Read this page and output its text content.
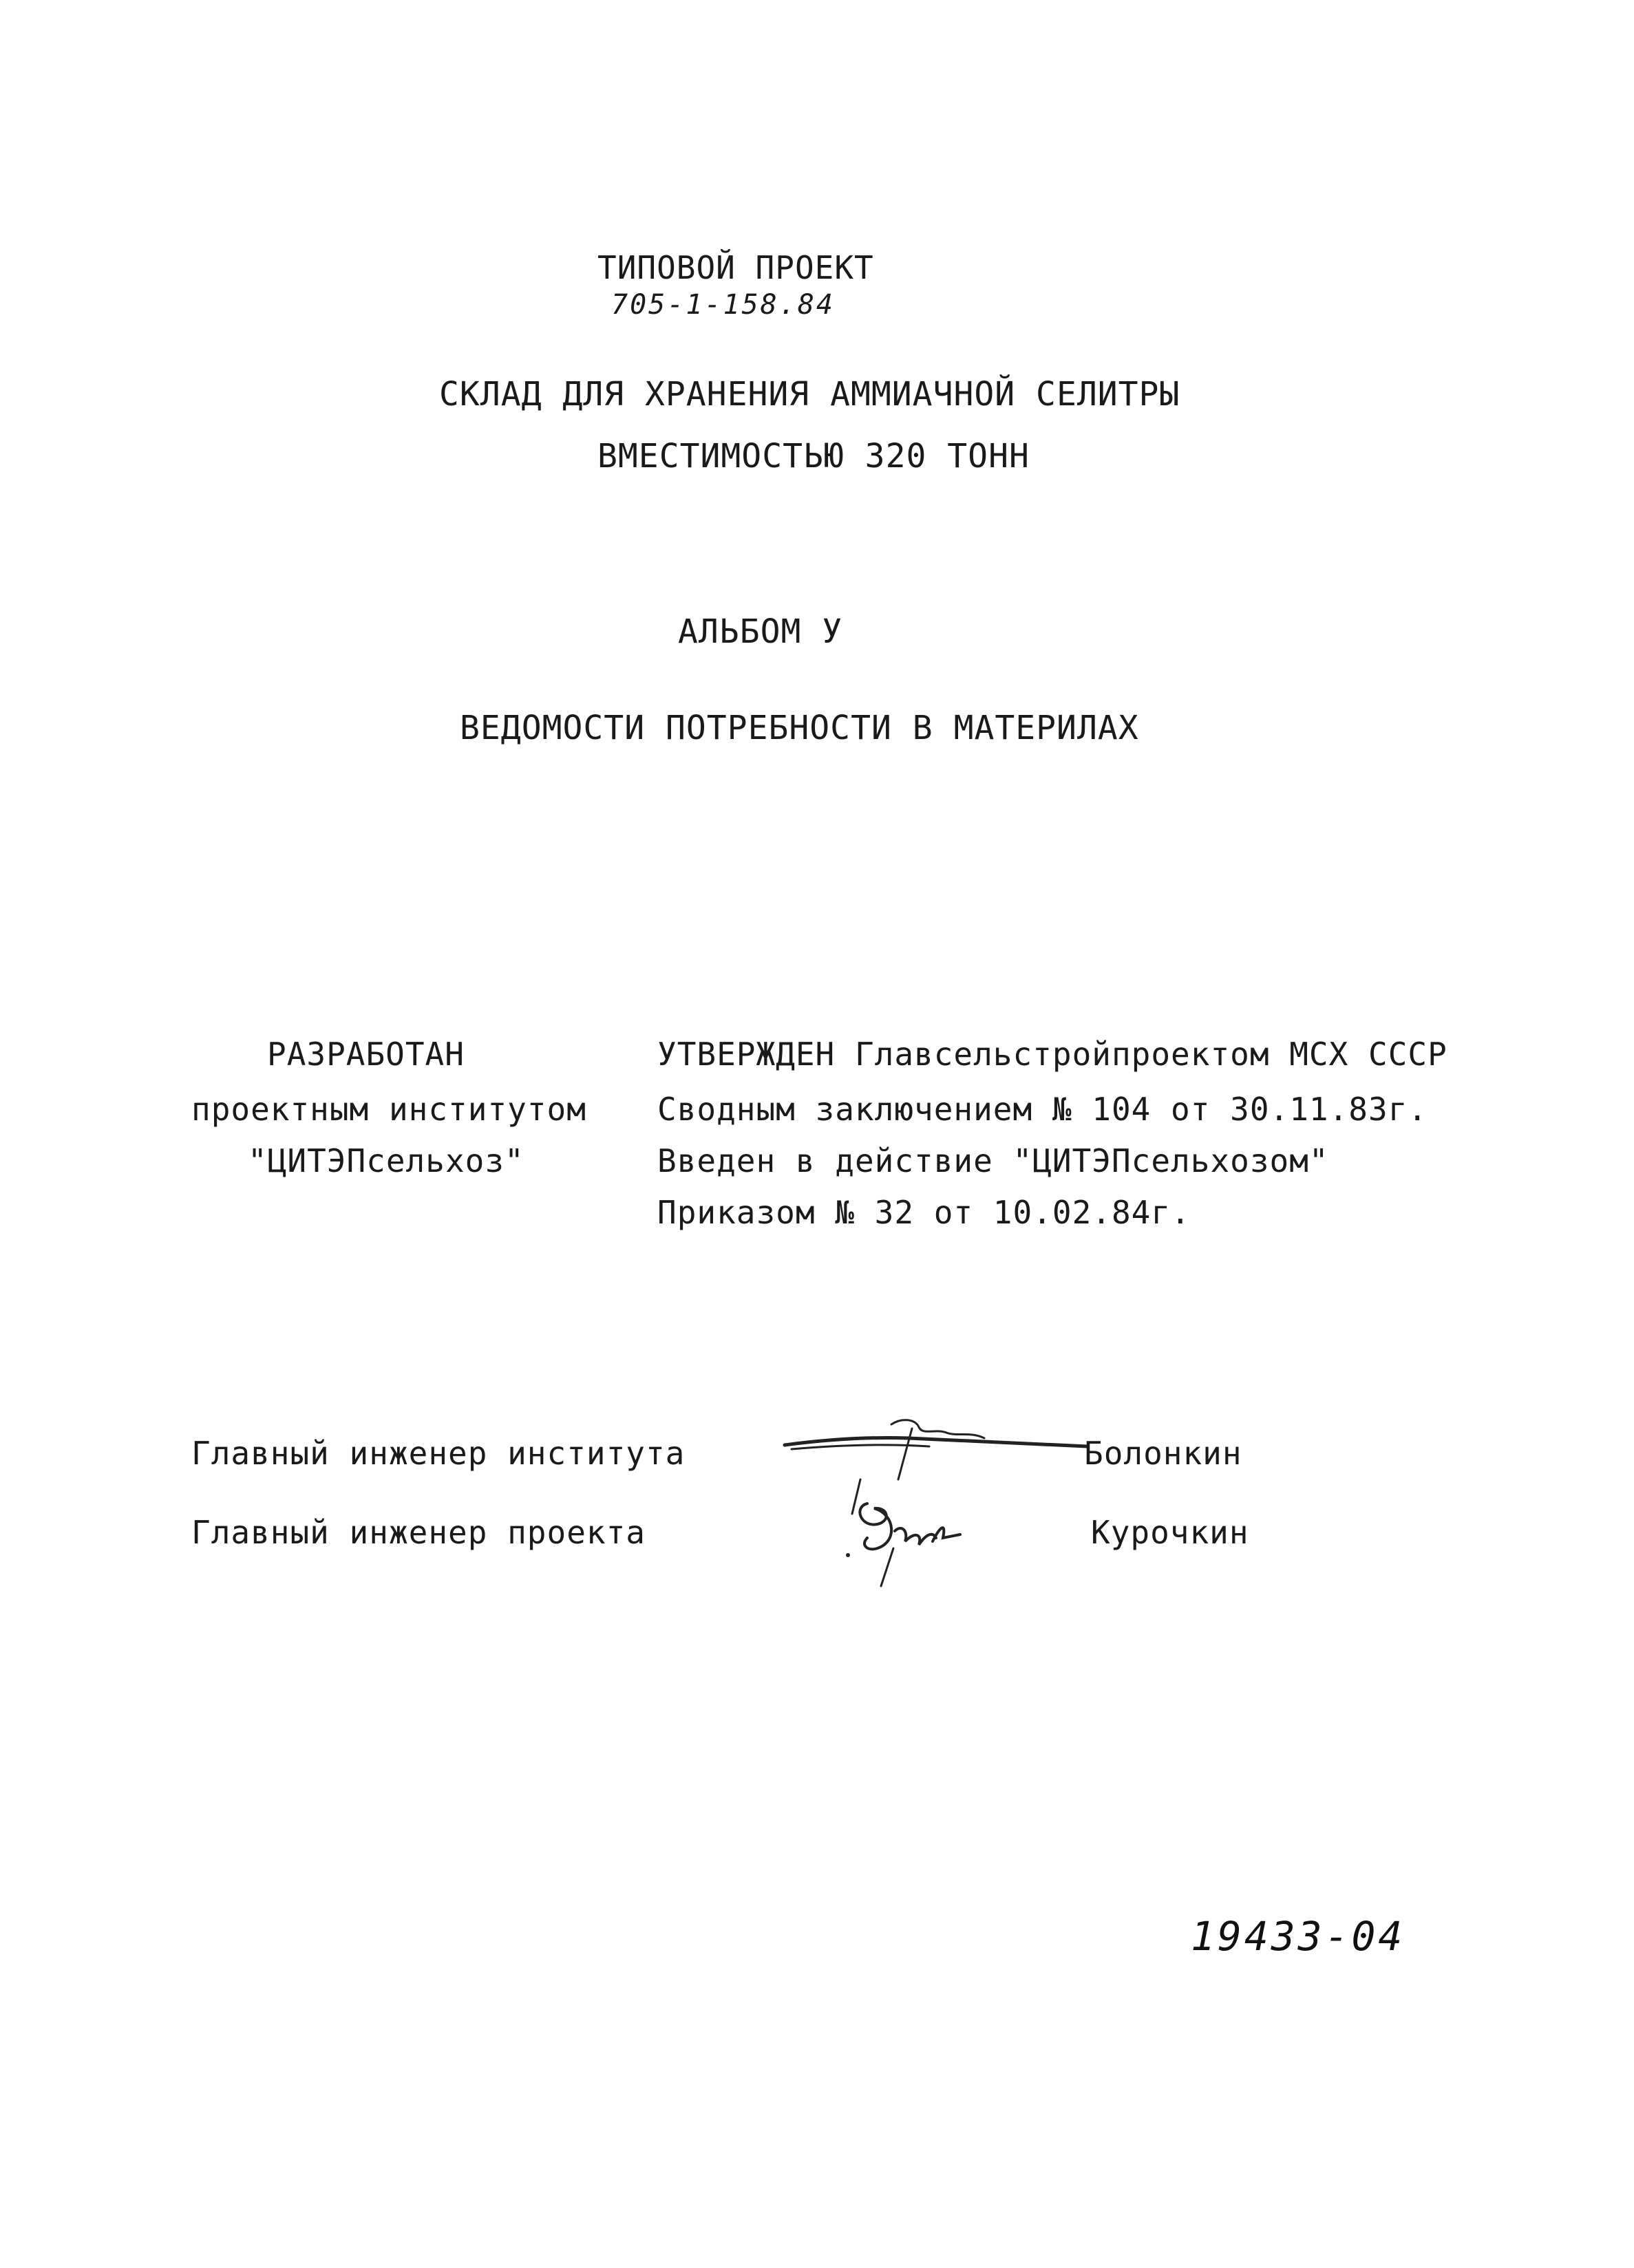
ТИПОВОЙ ПРОЕКТ
705-1-158.84
СКЛАД ДЛЯ ХРАНЕНИЯ АММИАЧНОЙ СЕЛИТРЫ
ВМЕСТИМОСТЬЮ 320 ТОНН
АЛЬБОМ У
ВЕДОМОСТИ ПОТРЕБНОСТИ В МАТЕРИЛАХ
РАЗРАБОТАН
проектным институтом
"ЦИТЭПсельхоз"
УТВЕРЖДЕН Главсельстройпроектом МСХ СССР
Сводным заключением № 104 от 30.11.83г.
Введен в действие "ЦИТЭПсельхозом"
Приказом № 32 от 10.02.84г.
Главный инженер института	Болонкин
Главный инженер проекта	Курочкин
19433-04
